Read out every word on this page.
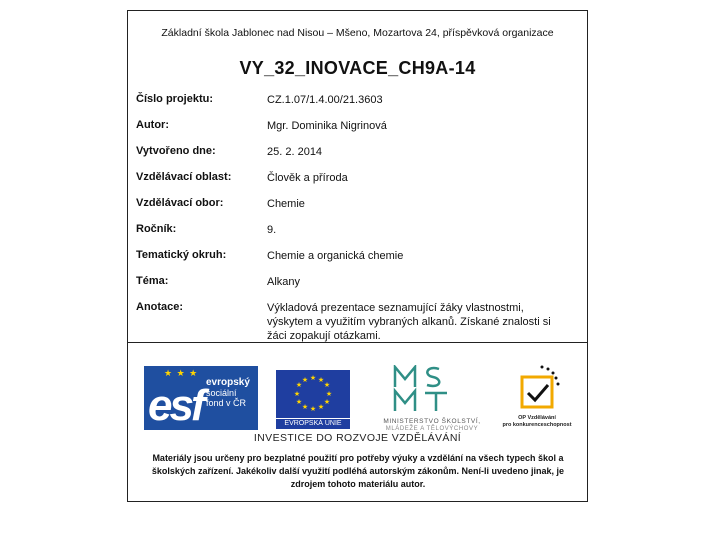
Základní škola Jablonec nad Nisou – Mšeno, Mozartova 24, příspěvková organizace
VY_32_INOVACE_CH9A-14
Číslo projektu:	CZ.1.07/1.4.00/21.3603
Autor:	Mgr. Dominika Nigrinová
Vytvořeno dne:	25. 2. 2014
Vzdělávací oblast:	Člověk a příroda
Vzdělávací obor:	Chemie
Ročník:	9.
Tematický okruh:	Chemie a organická chemie
Téma:	Alkany
Anotace:	Výkladová prezentace seznamující žáky vlastnostmi, výskytem a využitím vybraných alkanů. Získané znalosti si žáci zopakují otázkami.
★ ★ ★
esf evropský
sociální
fond v ČR
★ ★
★
★
★
★
★
★
★
★
★
★
EVROPSKÁ UNIE	MINISTERSTVO ŠKOLSTVÍ,
MLÁDEŽE A TĚLOVÝCHOVY
OP Vzdělávání
pro konkurenceschopnost
INVESTICE DO ROZVOJE VZDĚLÁVÁNÍ
Materiály jsou určeny pro bezplatné použití pro potřeby výuky a vzdělání na všech typech škol a školských zařízení. Jakékoliv další využití podléhá autorským zákonům. Není-li uvedeno jinak, je zdrojem tohoto materiálu autor.
